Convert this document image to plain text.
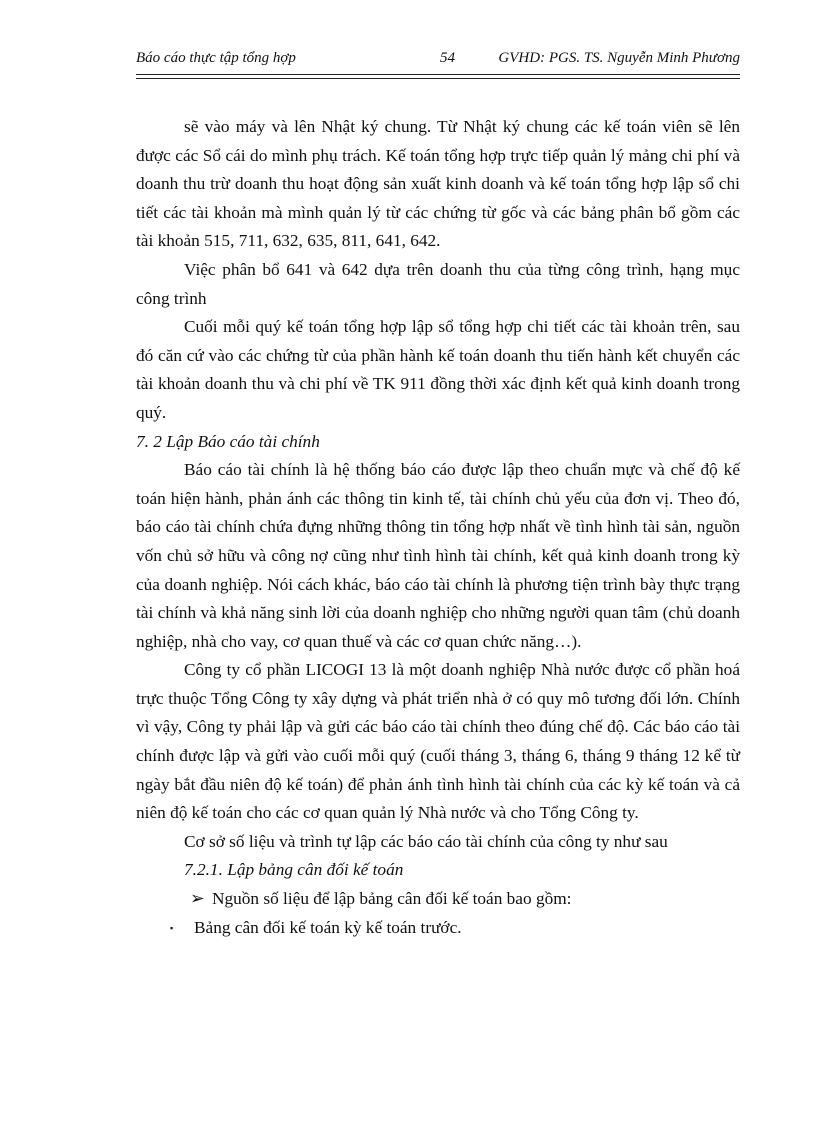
Báo cáo thực tập tổng hợp	54	GVHD: PGS. TS. Nguyễn Minh Phương

sẽ vào máy và lên Nhật ký chung. Từ Nhật ký chung các kế toán viên sẽ lên được các Sổ cái do mình phụ trách. Kế toán tổng hợp trực tiếp quản lý mảng chi phí và doanh thu trừ doanh thu hoạt động sản xuất kinh doanh và kế toán tổng hợp lập sổ chi tiết các tài khoản mà mình quản lý từ các chứng từ gốc và các bảng phân bổ gồm các tài khoản 515, 711, 632, 635, 811, 641, 642.

Việc phân bổ 641 và 642 dựa trên doanh thu của từng công trình, hạng mục công trình

Cuối mỗi quý kế toán tổng hợp lập sổ tổng hợp chi tiết các tài khoản trên, sau đó căn cứ vào các chứng từ của phần hành kế toán doanh thu tiến hành kết chuyển các tài khoản doanh thu và chi phí về TK 911 đồng thời xác định kết quả kinh doanh trong quý.

7. 2 Lập Báo cáo tài chính

Báo cáo tài chính là hệ thống báo cáo được lập theo chuẩn mực và chế độ kế toán hiện hành, phản ánh các thông tin kinh tế, tài chính chủ yếu của đơn vị. Theo đó, báo cáo tài chính chứa đựng những thông tin tổng hợp nhất về tình hình tài sản, nguồn vốn chủ sở hữu và công nợ cũng như tình hình tài chính, kết quả kinh doanh trong kỳ của doanh nghiệp. Nói cách khác, báo cáo tài chính là phương tiện trình bày thực trạng tài chính và khả năng sinh lời của doanh nghiệp cho những người quan tâm (chủ doanh nghiệp, nhà cho vay, cơ quan thuế và các cơ quan chức năng…).

Công ty cổ phần LICOGI 13 là một doanh nghiệp Nhà nước được cổ phần hoá trực thuộc Tổng Công ty xây dựng và phát triển nhà ở có quy mô tương đối lớn. Chính vì vậy, Công ty phải lập và gửi các báo cáo tài chính theo đúng chế độ. Các báo cáo tài chính được lập và gửi vào cuối mỗi quý (cuối tháng 3, tháng 6, tháng 9 tháng 12 kể từ ngày bắt đầu niên độ kế toán) để phản ánh tình hình tài chính của các kỳ kế toán và cả niên độ kế toán cho các cơ quan quản lý Nhà nước và cho Tổng Công ty.

Cơ sở số liệu và trình tự lập các báo cáo tài chính của công ty như sau

7.2.1. Lập bảng cân đối kế toán

➢ Nguồn số liệu để lập bảng cân đối kế toán bao gồm:

▪ Bảng cân đối kế toán kỳ kế toán trước.
